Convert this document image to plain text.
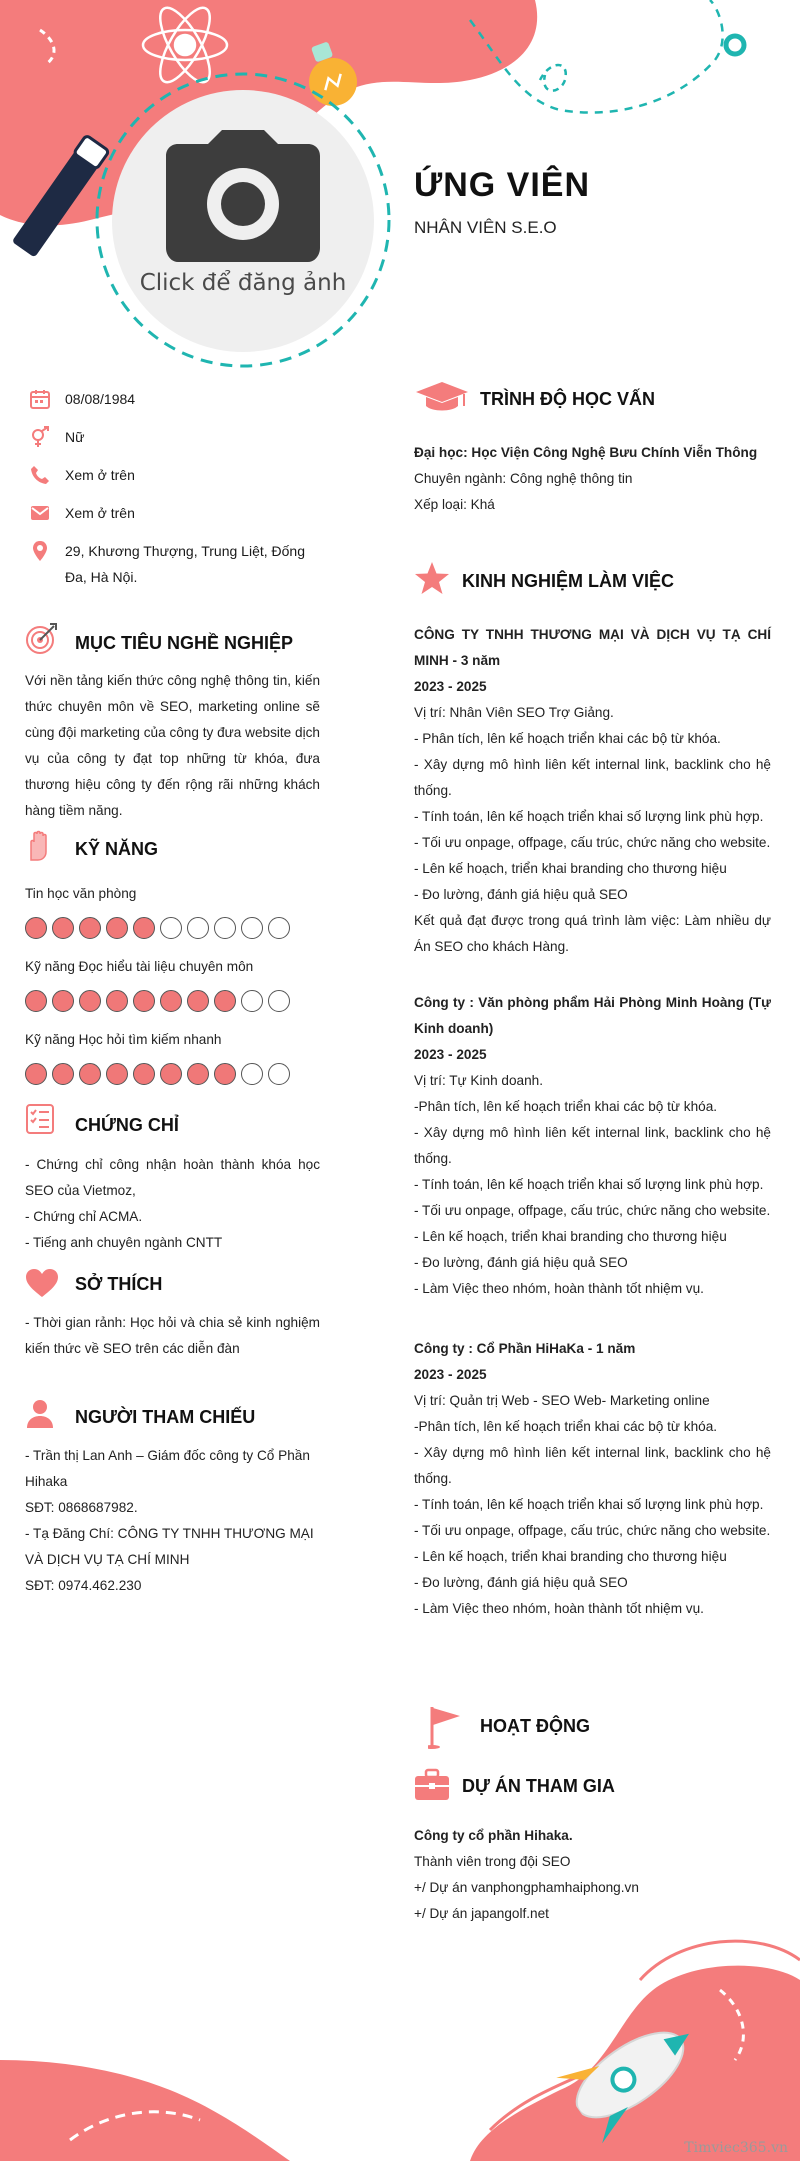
Click để đăng ảnh
ỨNG VIÊN
NHÂN VIÊN S.E.O
08/08/1984
Nữ
Xem ở trên
Xem ở trên
29, Khương Thượng, Trung Liệt, Đống Đa, Hà Nội.
MỤC TIÊU NGHỀ NGHIỆP
Với nền tảng kiến thức công nghệ thông tin, kiến thức chuyên môn về SEO, marketing online sẽ cùng đội marketing của công ty đưa website dịch vụ của công ty đạt top những từ khóa, đưa thương hiệu công ty đến rộng rãi những khách hàng tiềm năng.
KỸ NĂNG
Tin học văn phòng
Kỹ năng Đọc hiểu tài liệu chuyên môn
Kỹ năng Học hỏi tìm kiếm nhanh
CHỨNG CHỈ
- Chứng chỉ công nhận hoàn thành khóa học SEO của Vietmoz,
- Chứng chỉ ACMA.
- Tiếng anh chuyên ngành CNTT
SỞ THÍCH
- Thời gian rảnh: Học hỏi và chia sẻ kinh nghiệm kiến thức về SEO trên các diễn đàn
NGƯỜI THAM CHIẾU
- Trần thị Lan Anh – Giám đốc công ty Cổ Phần Hihaka
SĐT: 0868687982.
- Tạ Đăng Chí: CÔNG TY TNHH THƯƠNG MẠI VÀ DỊCH VỤ TẠ CHÍ MINH
SĐT: 0974.462.230
TRÌNH ĐỘ HỌC VẤN
Đại học: Học Viện Công Nghệ Bưu Chính Viễn Thông
Chuyên ngành: Công nghệ thông tin
Xếp loại: Khá
KINH NGHIỆM LÀM VIỆC
CÔNG TY TNHH THƯƠNG MẠI VÀ DỊCH VỤ TẠ CHÍ MINH - 3 năm
2023 - 2025
Vị trí: Nhân Viên SEO Trợ Giảng.
- Phân tích, lên kế hoạch triển khai các bộ từ khóa.
- Xây dựng mô hình liên kết internal link, backlink cho hệ thống.
- Tính toán, lên kế hoạch triển khai số lượng link phù hợp.
- Tối ưu onpage, offpage, cấu trúc, chức năng cho website.
- Lên kế hoạch, triển khai branding cho thương hiệu
- Đo lường, đánh giá hiệu quả SEO
Kết quả đạt được trong quá trình làm việc: Làm nhiều dự Án SEO cho khách Hàng.
Công ty : Văn phòng phẩm Hải Phòng Minh Hoàng (Tự Kinh doanh)
2023 - 2025
Vị trí: Tự Kinh doanh.
-Phân tích, lên kế hoạch triển khai các bộ từ khóa.
- Xây dựng mô hình liên kết internal link, backlink cho hệ thống.
- Tính toán, lên kế hoạch triển khai số lượng link phù hợp.
- Tối ưu onpage, offpage, cấu trúc, chức năng cho website.
- Lên kế hoạch, triển khai branding cho thương hiệu
- Đo lường, đánh giá hiệu quả SEO
- Làm Việc theo nhóm, hoàn thành tốt nhiệm vụ.
Công ty : Cổ Phần HiHaKa - 1 năm
2023 - 2025
Vị trí: Quản trị Web - SEO Web- Marketing online
-Phân tích, lên kế hoạch triển khai các bộ từ khóa.
- Xây dựng mô hình liên kết internal link, backlink cho hệ thống.
- Tính toán, lên kế hoạch triển khai số lượng link phù hợp.
- Tối ưu onpage, offpage, cấu trúc, chức năng cho website.
- Lên kế hoạch, triển khai branding cho thương hiệu
- Đo lường, đánh giá hiệu quả SEO
- Làm Việc theo nhóm, hoàn thành tốt nhiệm vụ.
HOẠT ĐỘNG
DỰ ÁN THAM GIA
Công ty cổ phần Hihaka.
Thành viên trong đội SEO
+/ Dự án vanphongphamhaiphong.vn
+/ Dự án japangolf.net
Timviec365.vn
